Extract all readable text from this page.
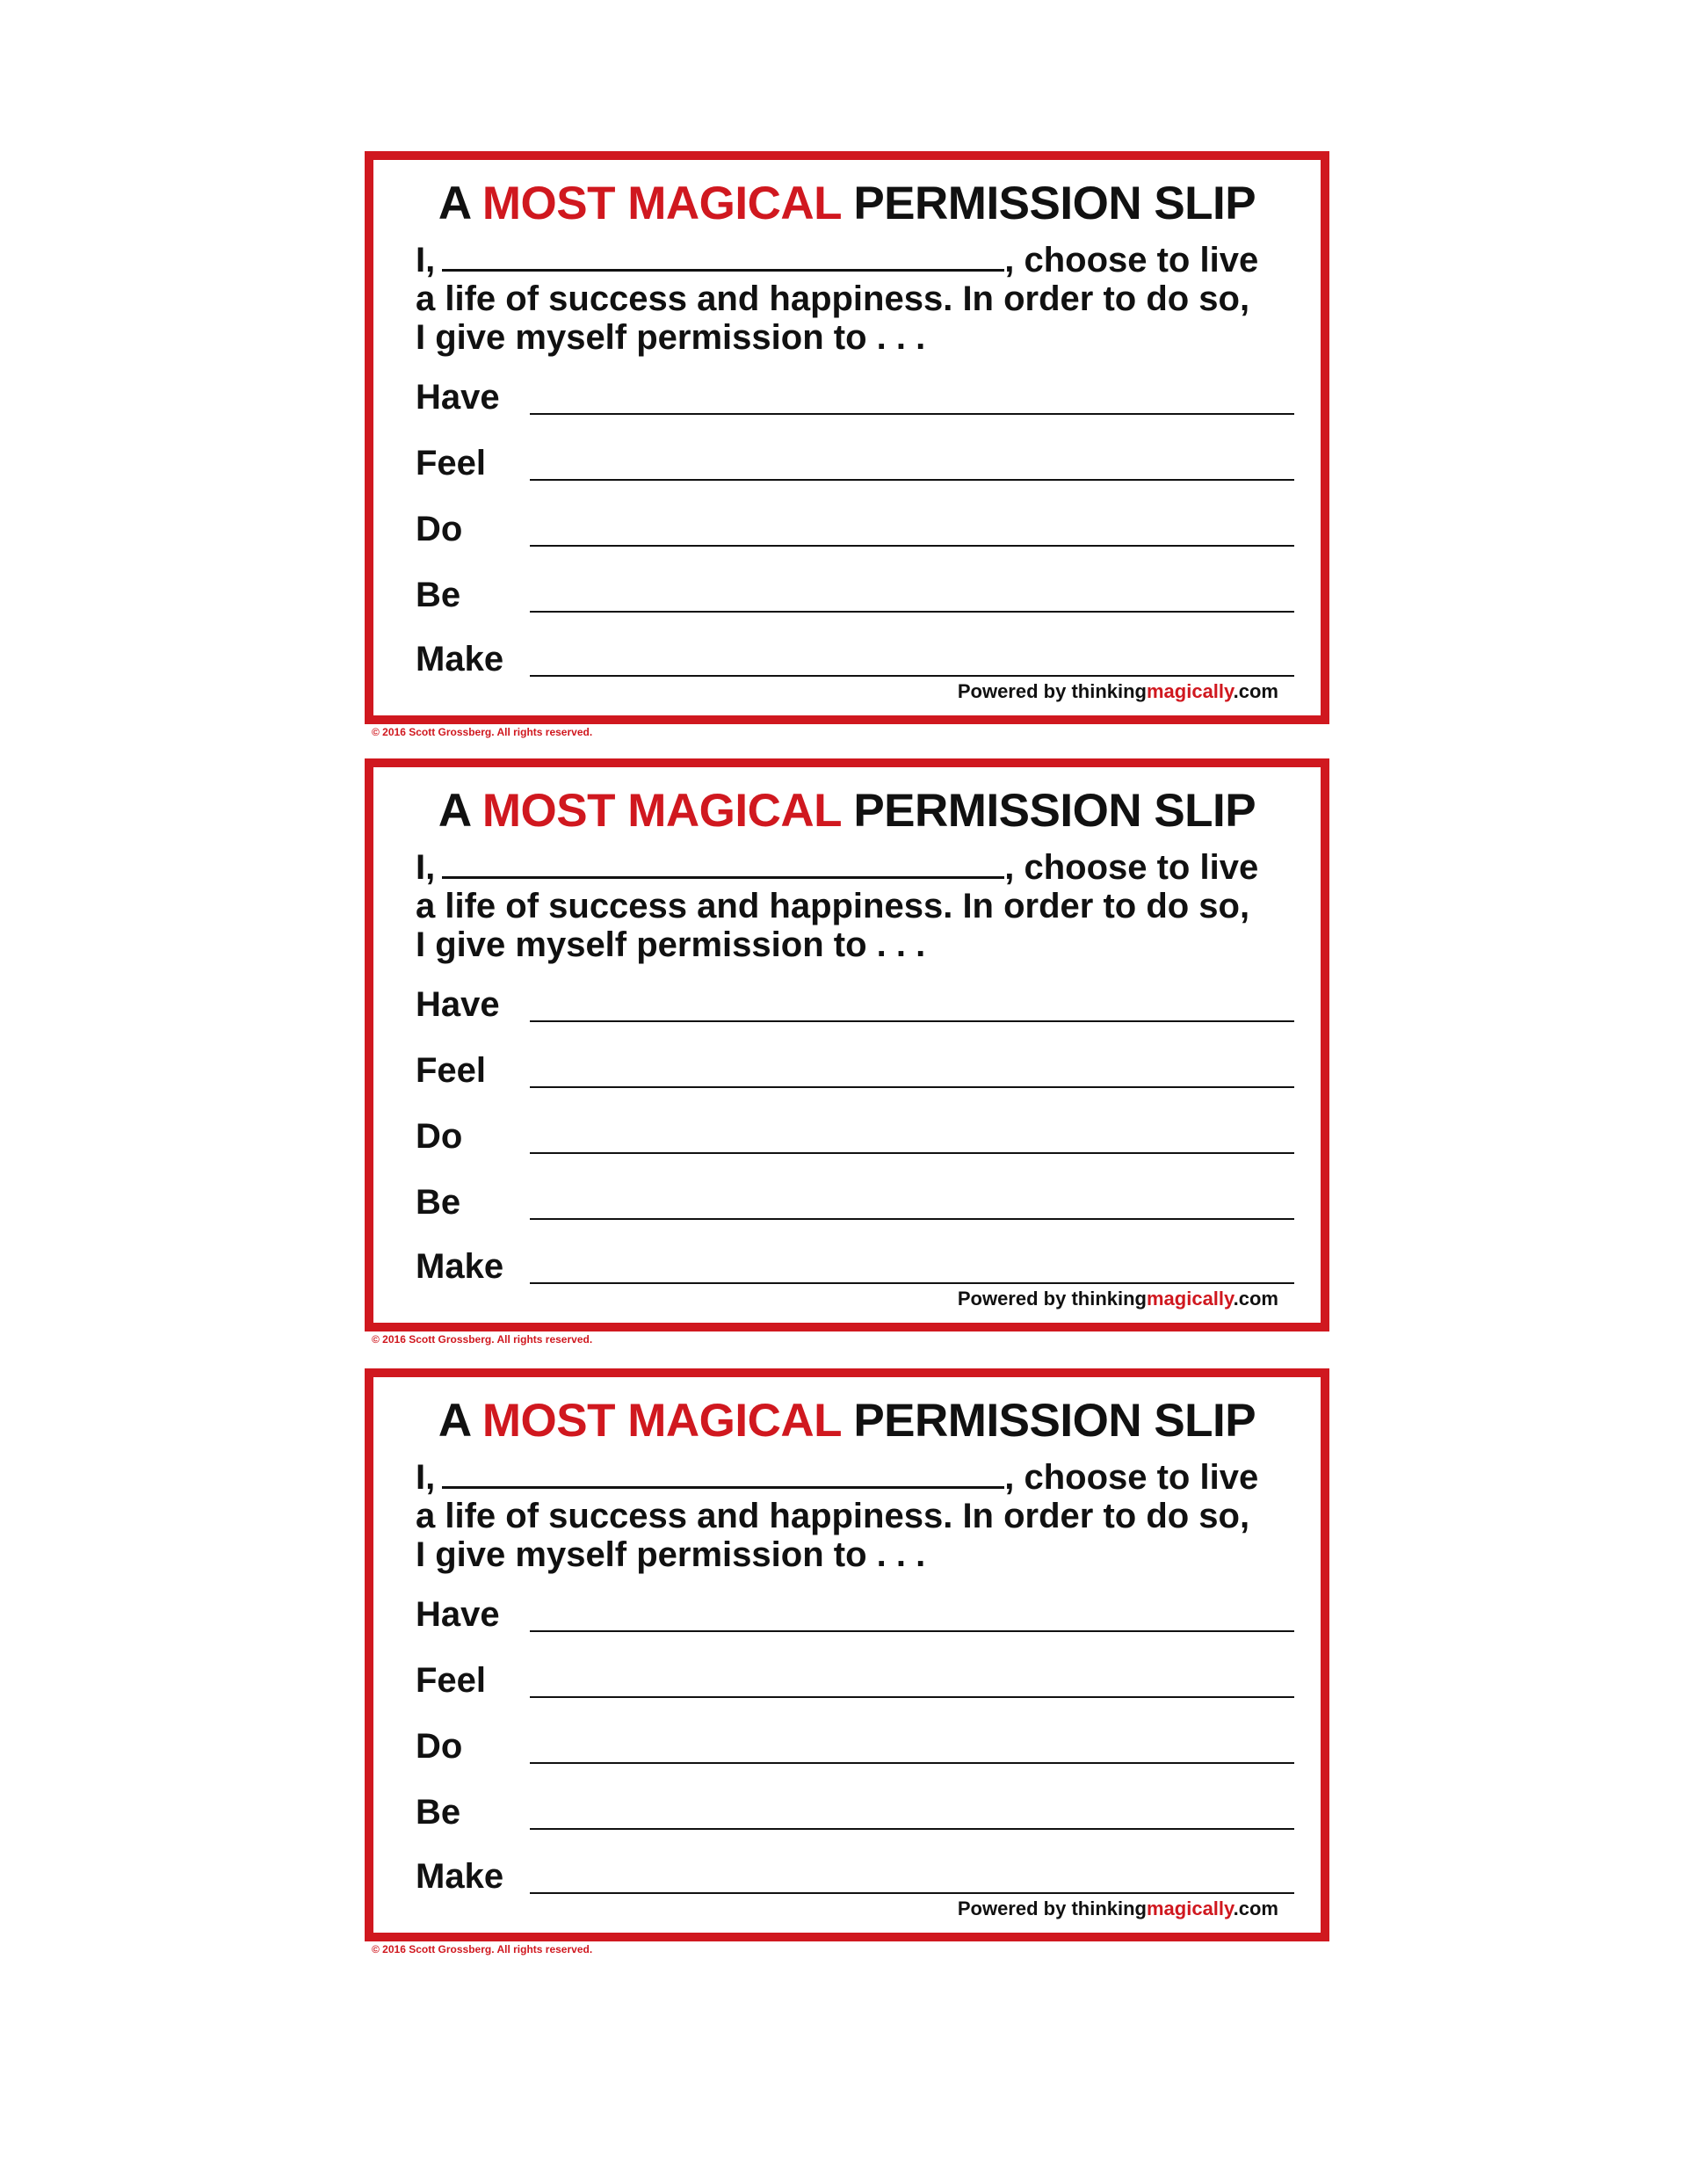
A MOST MAGICAL PERMISSION SLIP
I,	, choose to live
a life of success and happiness. In order to do so,
I give myself permission to . . .
Have
Feel
Do
Be
Make
Powered by thinkingmagically.com
© 2016 Scott Grossberg. All rights reserved.
A MOST MAGICAL PERMISSION SLIP
I,	, choose to live
a life of success and happiness. In order to do so,
I give myself permission to . . .
Have
Feel
Do
Be
Make
Powered by thinkingmagically.com
© 2016 Scott Grossberg. All rights reserved.
A MOST MAGICAL PERMISSION SLIP
I,	, choose to live
a life of success and happiness. In order to do so,
I give myself permission to . . .
Have
Feel
Do
Be
Make
Powered by thinkingmagically.com
© 2016 Scott Grossberg. All rights reserved.
